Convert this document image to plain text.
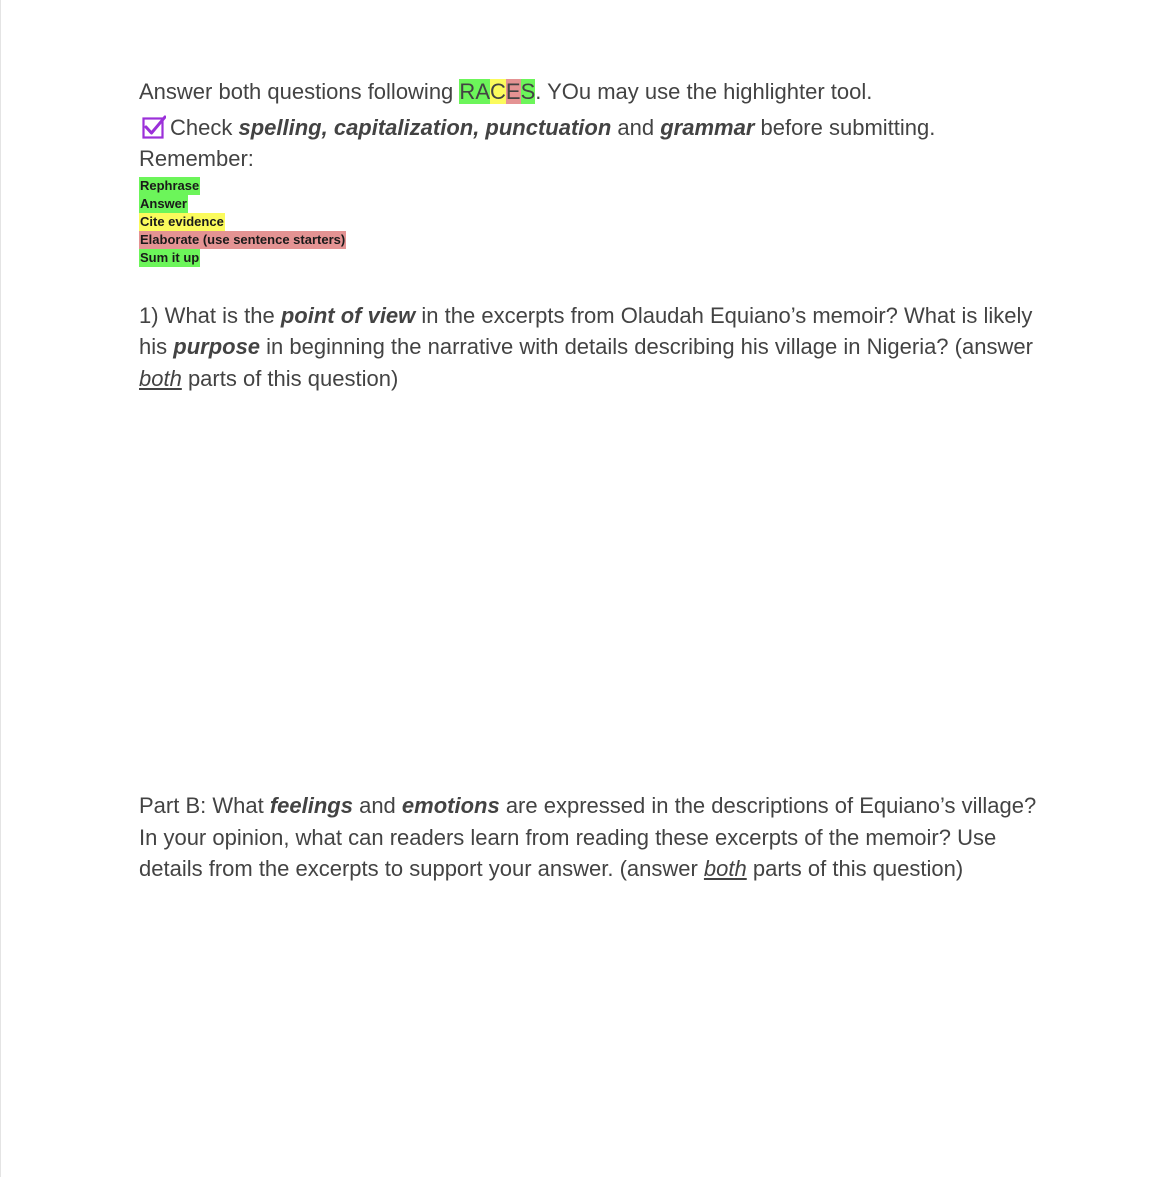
Answer both questions following RACES. YOu may use the highlighter tool.

Check spelling, capitalization, punctuation and grammar before submitting.

Remember:

Rephrase
Answer
Cite evidence
Elaborate (use sentence starters)
Sum it up

1) What is the point of view in the excerpts from Olaudah Equiano’s memoir? What is likely his purpose in beginning the narrative with details describing his village in Nigeria? (answer both parts of this question)

Part B: What feelings and emotions are expressed in the descriptions of Equiano’s village? In your opinion, what can readers learn from reading these excerpts of the memoir? Use details from the excerpts to support your answer. (answer both parts of this question)
